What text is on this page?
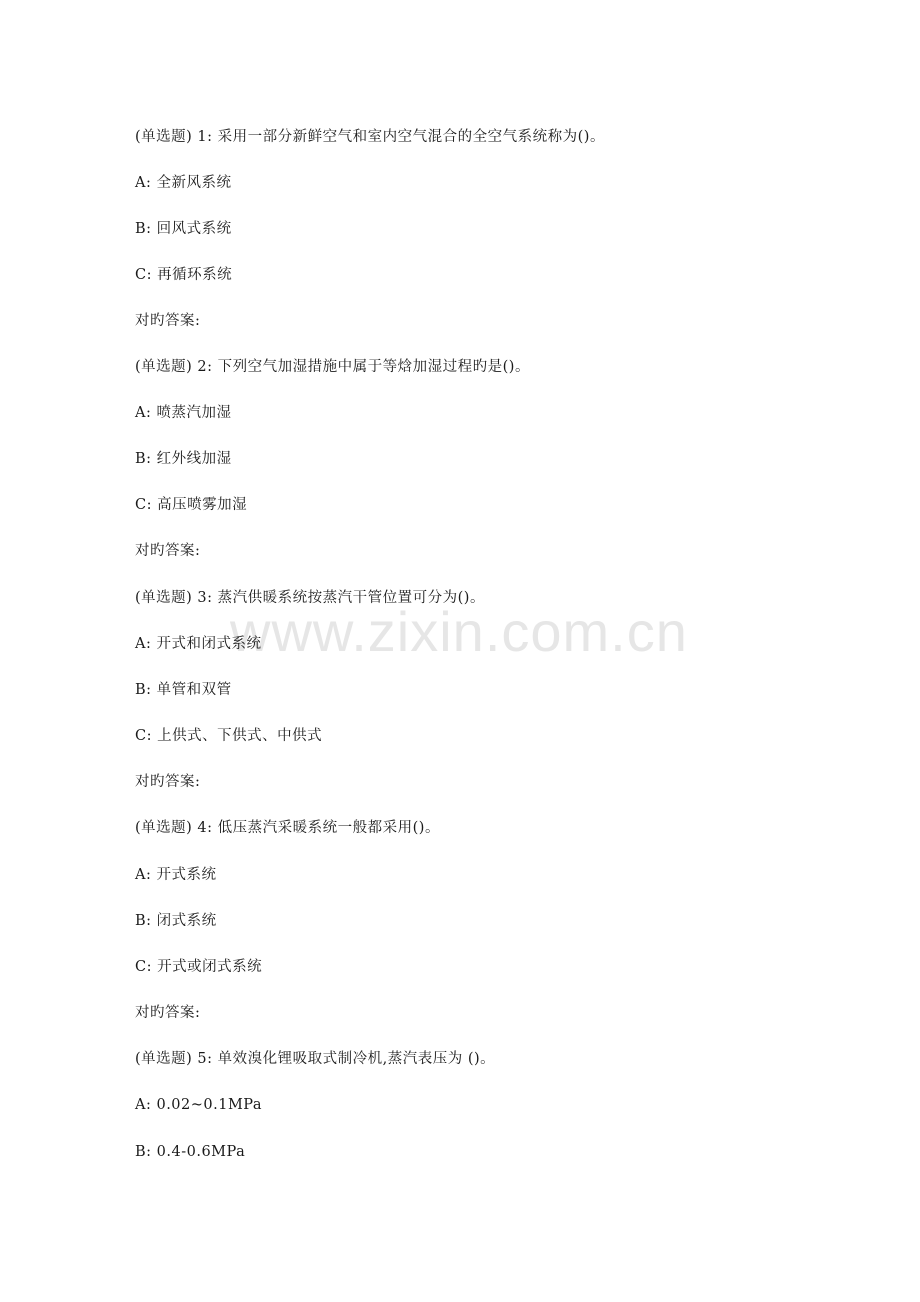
www.zixin.com.cn
(单选题) 1: 采用一部分新鲜空气和室内空气混合的全空气系统称为()。
A: 全新风系统
B: 回风式系统
C: 再循环系统
对旳答案:
(单选题) 2: 下列空气加湿措施中属于等焓加湿过程旳是()。
A: 喷蒸汽加湿
B: 红外线加湿
C: 高压喷雾加湿
对旳答案:
(单选题) 3: 蒸汽供暖系统按蒸汽干管位置可分为()。
A: 开式和闭式系统
B: 单管和双管
C: 上供式、下供式、中供式
对旳答案:
(单选题) 4: 低压蒸汽采暖系统一般都采用()。
A: 开式系统
B: 闭式系统
C: 开式或闭式系统
对旳答案:
(单选题) 5: 单效溴化锂吸取式制冷机,蒸汽表压为 ()。
A: 0.02~0.1MPa
B: 0.4-0.6MPa
